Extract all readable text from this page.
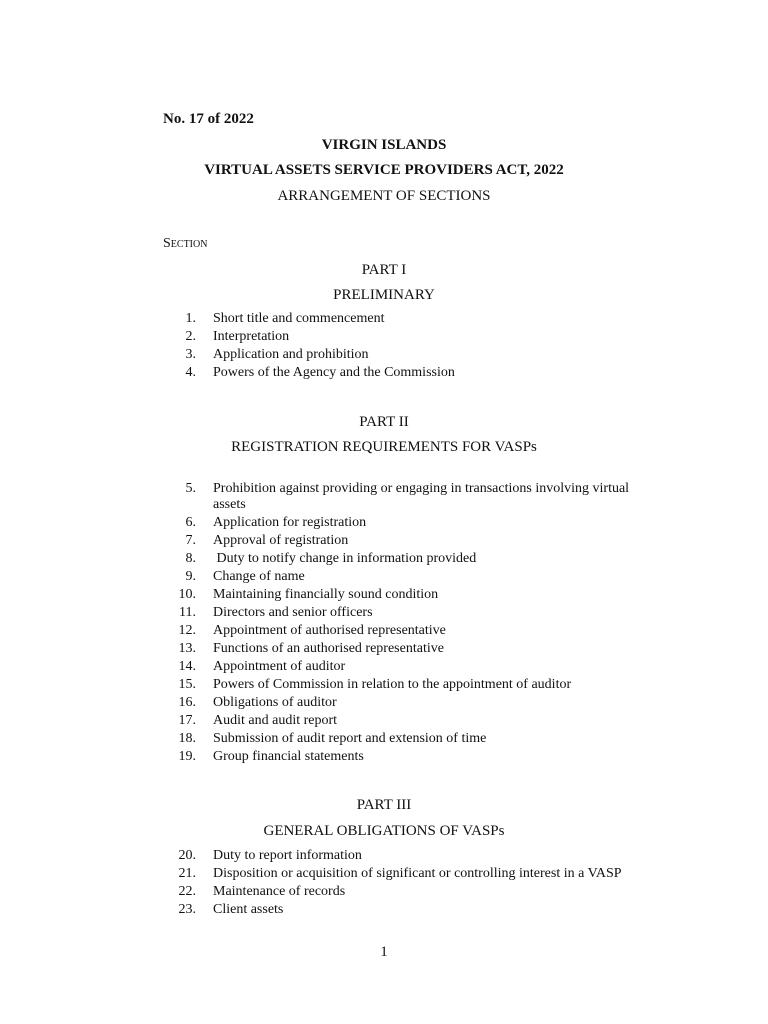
No. 17 of 2022
VIRGIN ISLANDS
VIRTUAL ASSETS SERVICE PROVIDERS ACT, 2022
ARRANGEMENT OF SECTIONS
Section
PART I
PRELIMINARY
1. Short title and commencement
2. Interpretation
3. Application and prohibition
4. Powers of the Agency and the Commission
PART II
REGISTRATION REQUIREMENTS FOR VASPs
5. Prohibition against providing or engaging in transactions involving virtual assets
6. Application for registration
7. Approval of registration
8. Duty to notify change in information provided
9. Change of name
10. Maintaining financially sound condition
11. Directors and senior officers
12. Appointment of authorised representative
13. Functions of an authorised representative
14. Appointment of auditor
15. Powers of Commission in relation to the appointment of auditor
16. Obligations of auditor
17. Audit and audit report
18. Submission of audit report and extension of time
19. Group financial statements
PART III
GENERAL OBLIGATIONS OF VASPs
20. Duty to report information
21. Disposition or acquisition of significant or controlling interest in a VASP
22. Maintenance of records
23. Client assets
1
